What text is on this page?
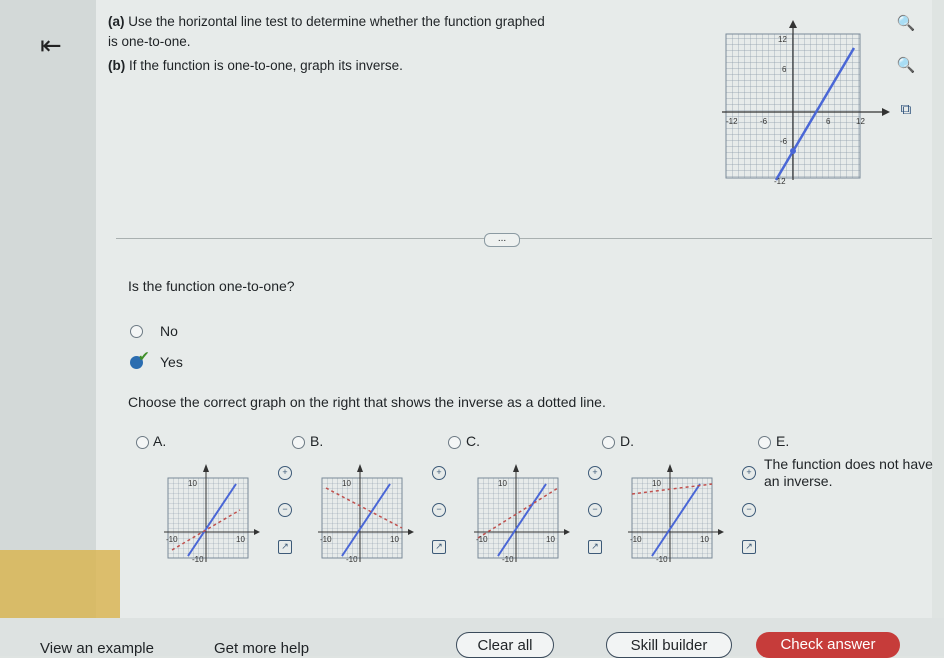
⇤
(a) Use the horizontal line test to determine whether the function graphed
is one-to-one.
(b) If the function is one-to-one, graph its inverse.
12
6
-12	-6	6	12
-6
-12
🔍
🔍
⧉
...
Is the function one-to-one?
No
✔ Yes
Choose the correct graph on the right that shows the inverse as a dotted line.
A.
10
-10	10
-10
+
−
↗
B.
10
-10	10
-10
+
−
↗
C.
10
-10	10
-10
+
−
↗
D.
10
-10	10
-10
+
−
↗
E.
The function does not have an inverse.
View an example	Get more help	Clear all	Skill builder	Check answer
